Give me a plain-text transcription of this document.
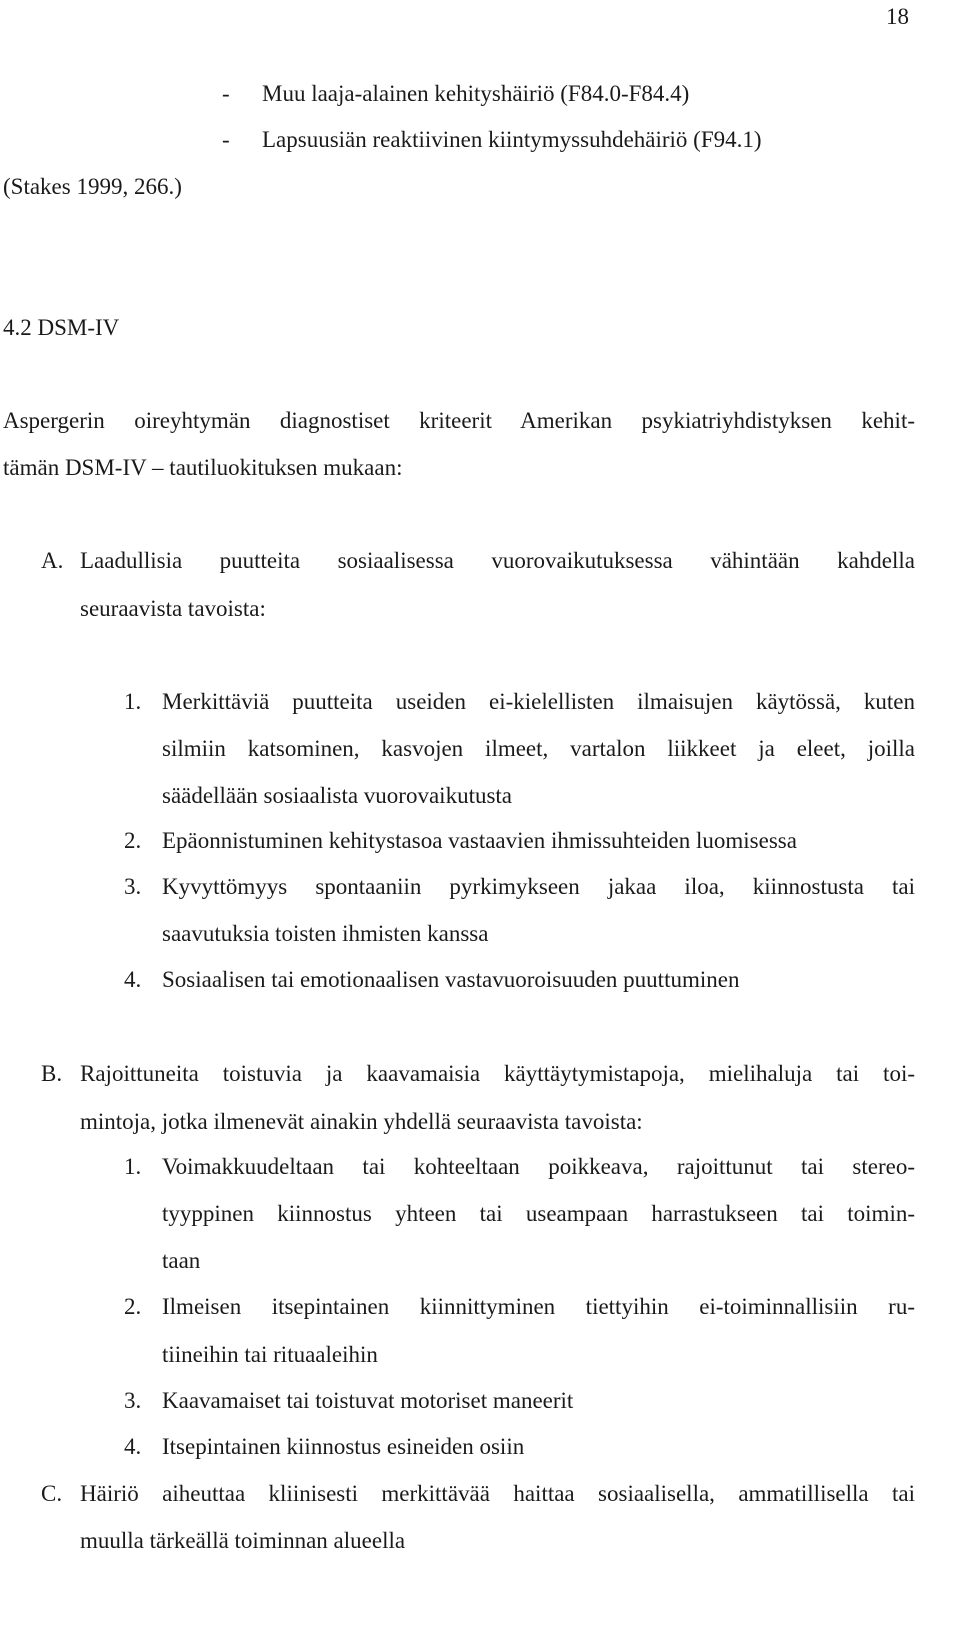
18
- Muu laaja-alainen kehityshäiriö (F84.0-F84.4)
- Lapsuusiän reaktiivinen kiintymyssuhdehäiriö (F94.1)
(Stakes 1999, 266.)
4.2 DSM-IV
Aspergerin oireyhtymän diagnostiset kriteerit Amerikan psykiatriyhdistyksen kehit-
tämän DSM-IV – tautiluokituksen mukaan:
A. Laadullisia puutteita sosiaalisessa vuorovaikutuksessa vähintään kahdella
seuraavista tavoista:
1. Merkittäviä puutteita useiden ei-kielellisten ilmaisujen käytössä, kuten
silmiin katsominen, kasvojen ilmeet, vartalon liikkeet ja eleet, joilla
säädellään sosiaalista vuorovaikutusta
2. Epäonnistuminen kehitystasoa vastaavien ihmissuhteiden luomisessa
3. Kyvyttömyys spontaaniin pyrkimykseen jakaa iloa, kiinnostusta tai
saavutuksia toisten ihmisten kanssa
4. Sosiaalisen tai emotionaalisen vastavuoroisuuden puuttuminen
B. Rajoittuneita toistuvia ja kaavamaisia käyttäytymistapoja, mielihaluja tai toi-
mintoja, jotka ilmenevät ainakin yhdellä seuraavista tavoista:
1. Voimakkuudeltaan tai kohteeltaan poikkeava, rajoittunut tai stereo-
tyyppinen kiinnostus yhteen tai useampaan harrastukseen tai toimin-
taan
2. Ilmeisen itsepintainen kiinnittyminen tiettyihin ei-toiminnallisiin ru-
tiineihin tai rituaaleihin
3. Kaavamaiset tai toistuvat motoriset maneerit
4. Itsepintainen kiinnostus esineiden osiin
C. Häiriö aiheuttaa kliinisesti merkittävää haittaa sosiaalisella, ammatillisella tai
muulla tärkeällä toiminnan alueella
